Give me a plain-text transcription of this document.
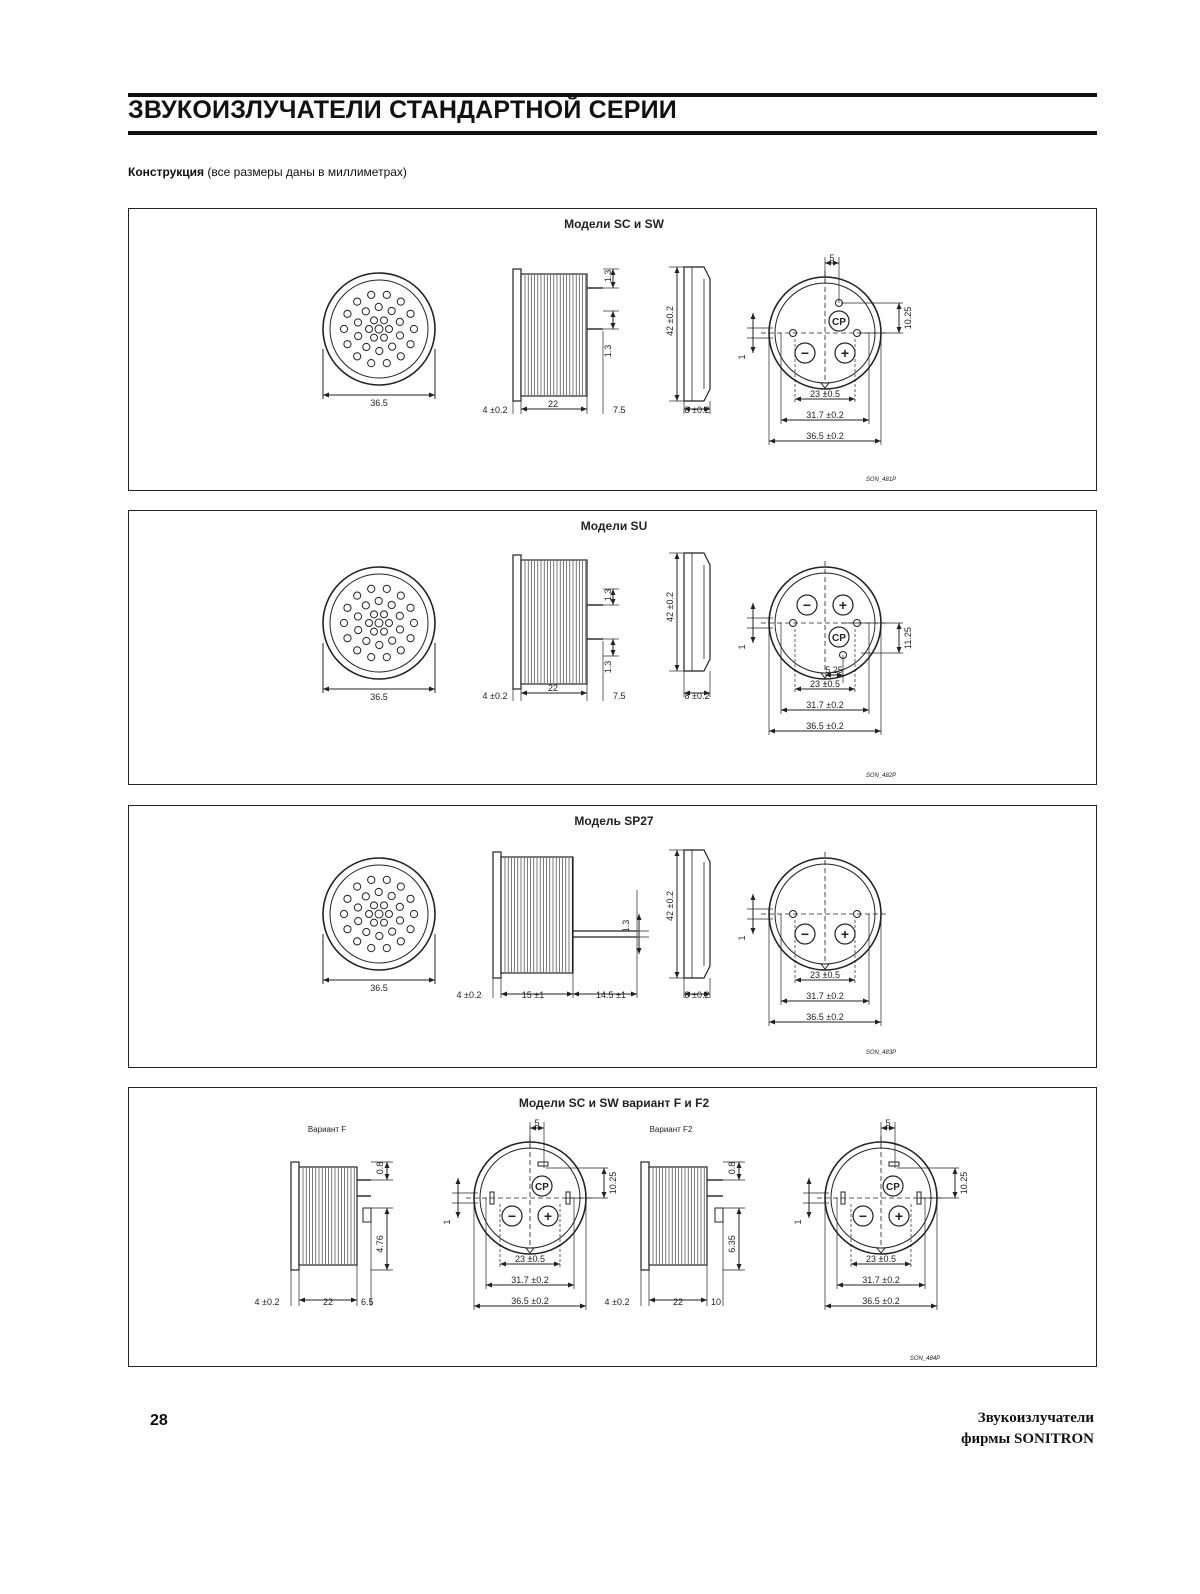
ЗВУКОИЗЛУЧАТЕЛИ СТАНДАРТНОЙ СЕРИИ
Конструкция (все размеры даны в миллиметрах)
Модели SC и SW
36.5
1.3
1.3
4 ±0.2
22
7.5
42 ±0.2
8 ±0.2
− +
CP
1
23 ±0.5
31.7 ±0.2
36.5 ±0.2
5
10.25
SON_481P
Модели SU
36.5
1.3
1.3
4 ±0.2
22
7.5
42 ±0.2
8 ±0.2
− +
CP
1
23 ±0.5
31.7 ±0.2
36.5 ±0.2
11.25
5.25
SON_482P
Модель SP27
36.5
1.3
4 ±0.2	15 ±1	14.5 ±1
42 ±0.2
8 ±0.2
− +
1
23 ±0.5
31.7 ±0.2
36.5 ±0.2
SON_483P
Модели SC и SW вариант F и F2
Вариант F	Вариант F2
0.8
4.76
4 ±0.2	22	6.5
− +
CP
1
23 ±0.5
31.7 ±0.2
36.5 ±0.2
5
10.25
0.8
6.35
4 ±0.2	22	10
− +
CP
1
23 ±0.5
31.7 ±0.2
36.5 ±0.2
5
10.25
SON_484P
28	Звукоизлучатели
фирмы SONITRON
